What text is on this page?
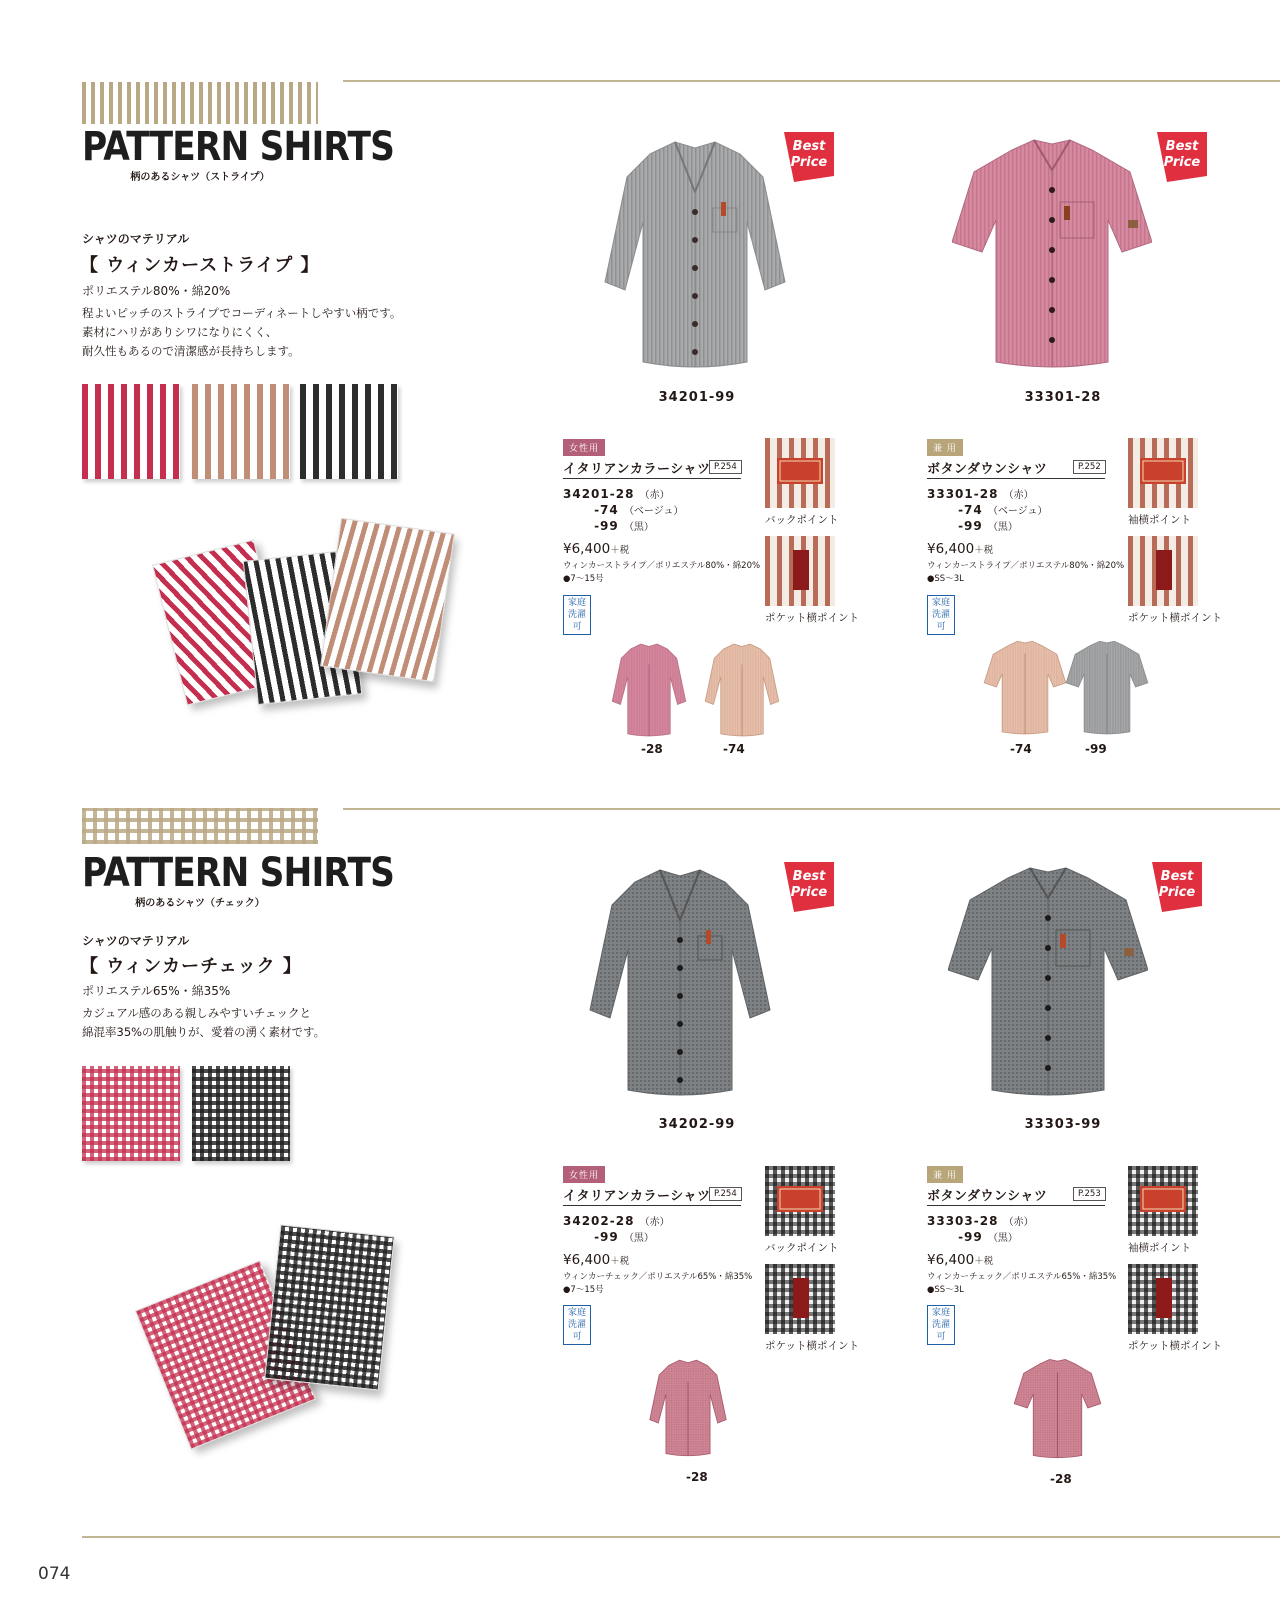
PATTERN SHIRTS
柄のあるシャツ（ストライプ）
シャツのマテリアル
【 ウィンカーストライプ 】
ポリエステル80%・綿20%
程よいピッチのストライプでコーディネートしやすい柄です。
素材にハリがありシワになりにくく、
耐久性もあるので清潔感が長持ちします。
Best
Price
34201-99
女性用
イタリアンカラーシャツ P.254
34201-28 （赤）
-74 （ベージュ）
-99 （黒）
¥6,400＋税
ウィンカーストライプ／ポリエステル80%・綿20%
●7〜15号
家庭
洗濯可
バックポイント
ポケット横ポイント
-28	-74
Best
Price
33301-28
兼 用
ボタンダウンシャツ	P.252
33301-28 （赤）
-74 （ベージュ）
-99 （黒）
¥6,400＋税
ウィンカーストライプ／ポリエステル80%・綿20%
●SS〜3L
家庭
洗濯可
袖横ポイント
ポケット横ポイント
-74	-99
PATTERN SHIRTS
柄のあるシャツ（チェック）
シャツのマテリアル
【 ウィンカーチェック 】
ポリエステル65%・綿35%
カジュアル感のある親しみやすいチェックと
綿混率35%の肌触りが、愛着の湧く素材です。
Best
Price
34202-99
女性用
イタリアンカラーシャツ P.254
34202-28 （赤）
-99 （黒）
¥6,400＋税
ウィンカーチェック／ポリエステル65%・綿35%
●7〜15号
家庭
洗濯可
バックポイント
ポケット横ポイント
-28
Best
Price
33303-99
兼 用
ボタンダウンシャツ	P.253
33303-28 （赤）
-99 （黒）
¥6,400＋税
ウィンカーチェック／ポリエステル65%・綿35%
●SS〜3L
家庭
洗濯可
袖横ポイント
ポケット横ポイント
-28
074
